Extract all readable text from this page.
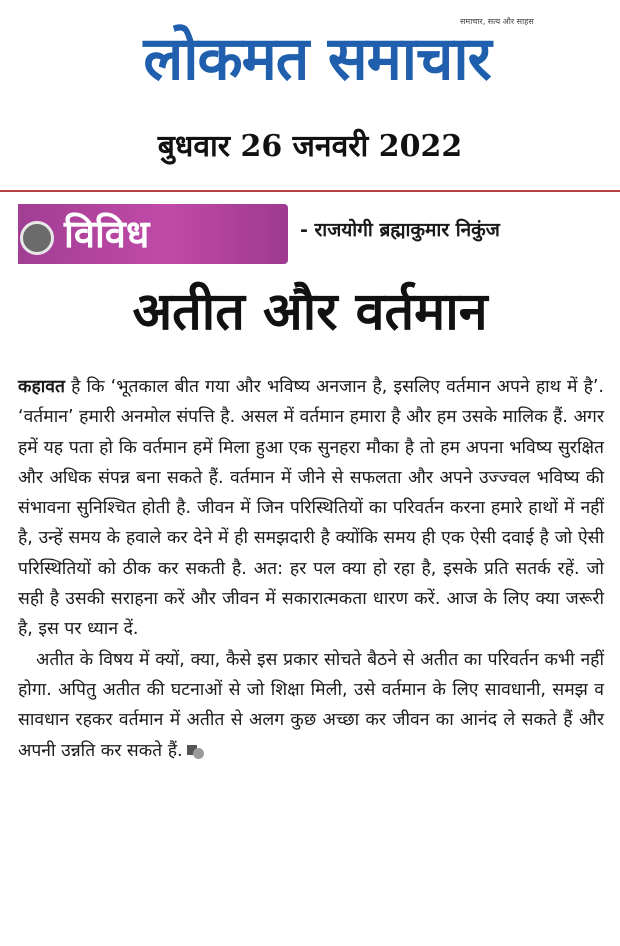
लोकमत समाचार
समाचार, सत्य और साहस
बुधवार 26 जनवरी 2022
विविध	- राजयोगी ब्रह्माकुमार निकुंज
अतीत और वर्तमान

कहावत है कि ‘भूतकाल बीत गया और भविष्य अनजान है, इसलिए वर्तमान अपने हाथ में है’. ‘वर्तमान’ हमारी अनमोल संपत्ति है. असल में वर्तमान हमारा है और हम उसके मालिक हैं. अगर हमें यह पता हो कि वर्तमान हमें मिला हुआ एक सुनहरा मौका है तो हम अपना भविष्य सुरक्षित और अधिक संपन्न बना सकते हैं. वर्तमान में जीने से सफलता और अपने उज्ज्वल भविष्य की संभावना सुनिश्चित होती है. जीवन में जिन परिस्थितियों का परिवर्तन करना हमारे हाथों में नहीं है, उन्हें समय के हवाले कर देने में ही समझदारी है क्योंकि समय ही एक ऐसी दवाई है जो ऐसी परिस्थितियों को ठीक कर सकती है. अत: हर पल क्या हो रहा है, इसके प्रति सतर्क रहें. जो सही है उसकी सराहना करें और जीवन में सकारात्मकता धारण करें. आज के लिए क्या जरूरी है, इस पर ध्यान दें.

अतीत के विषय में क्यों, क्या, कैसे इस प्रकार सोचते बैठने से अतीत का परिवर्तन कभी नहीं होगा. अपितु अतीत की घटनाओं से जो शिक्षा मिली, उसे वर्तमान के लिए सावधानी, समझ व सावधान रहकर वर्तमान में अतीत से अलग कुछ अच्छा कर जीवन का आनंद ले सकते हैं और अपनी उन्नति कर सकते हैं.
